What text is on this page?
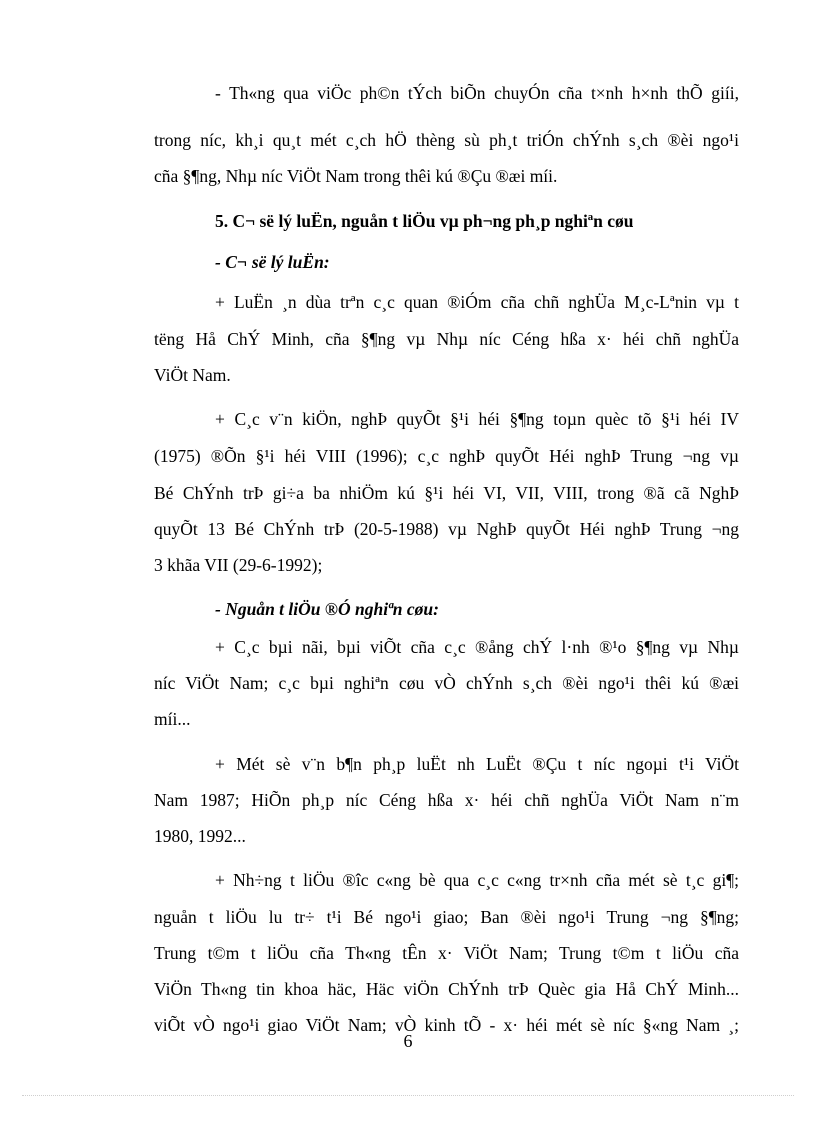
- Th«ng qua viÖc ph©n tÝch biÕn chuyÓn cña t×nh h×nh thÕ giíi,
trong níc, kh¸i qu¸t mét c¸ch hÖ thèng sù ph¸t triÓn chÝnh s¸ch ®èi ngo¹i
cña §¶ng, Nhµ níc ViÖt Nam trong thêi kú ®Çu ®æi míi.
5. C¬ së lý luËn, nguån t liÖu vµ ph¬ng ph¸p nghiªn cøu
- C¬ së lý luËn:
+ LuËn ¸n dùa trªn c¸c quan ®iÓm cña chñ nghÜa M¸c-Lªnin vµ t
tëng Hå ChÝ Minh, cña §¶ng vµ Nhµ níc Céng hßa x· héi chñ nghÜa
ViÖt Nam.
+ C¸c v¨n kiÖn, nghÞ quyÕt §¹i héi §¶ng toµn quèc tõ §¹i héi IV
(1975) ®Õn §¹i héi VIII (1996); c¸c nghÞ quyÕt Héi nghÞ Trung ¬ng vµ
Bé ChÝnh trÞ gi÷a ba nhiÖm kú §¹i héi VI, VII, VIII, trong ®ã cã NghÞ
quyÕt 13 Bé ChÝnh trÞ (20-5-1988) vµ NghÞ quyÕt Héi nghÞ Trung ¬ng
3 khãa VII (29-6-1992);
- Nguån t liÖu ®Ó nghiªn cøu:
+ C¸c bµi nãi, bµi viÕt cña c¸c ®ång chÝ l·nh ®¹o §¶ng vµ Nhµ
níc ViÖt Nam; c¸c bµi nghiªn cøu vÒ chÝnh s¸ch ®èi ngo¹i thêi kú ®æi
míi...
+ Mét sè v¨n b¶n ph¸p luËt nh LuËt ®Çu t níc ngoµi t¹i ViÖt
Nam 1987; HiÕn ph¸p níc Céng hßa x· héi chñ nghÜa ViÖt Nam n¨m
1980, 1992...
+ Nh÷ng t liÖu ®îc c«ng bè qua c¸c c«ng tr×nh cña mét sè t¸c gi¶;
nguån t liÖu lu tr÷ t¹i Bé ngo¹i giao; Ban ®èi ngo¹i Trung ¬ng §¶ng;
Trung t©m t liÖu cña Th«ng tÊn x· ViÖt Nam; Trung t©m t liÖu cña
ViÖn Th«ng tin khoa häc, Häc viÖn ChÝnh trÞ Quèc gia Hå ChÝ Minh...
viÕt vÒ ngo¹i giao ViÖt Nam; vÒ kinh tÕ - x· héi mét sè níc §«ng Nam ¸;
6
